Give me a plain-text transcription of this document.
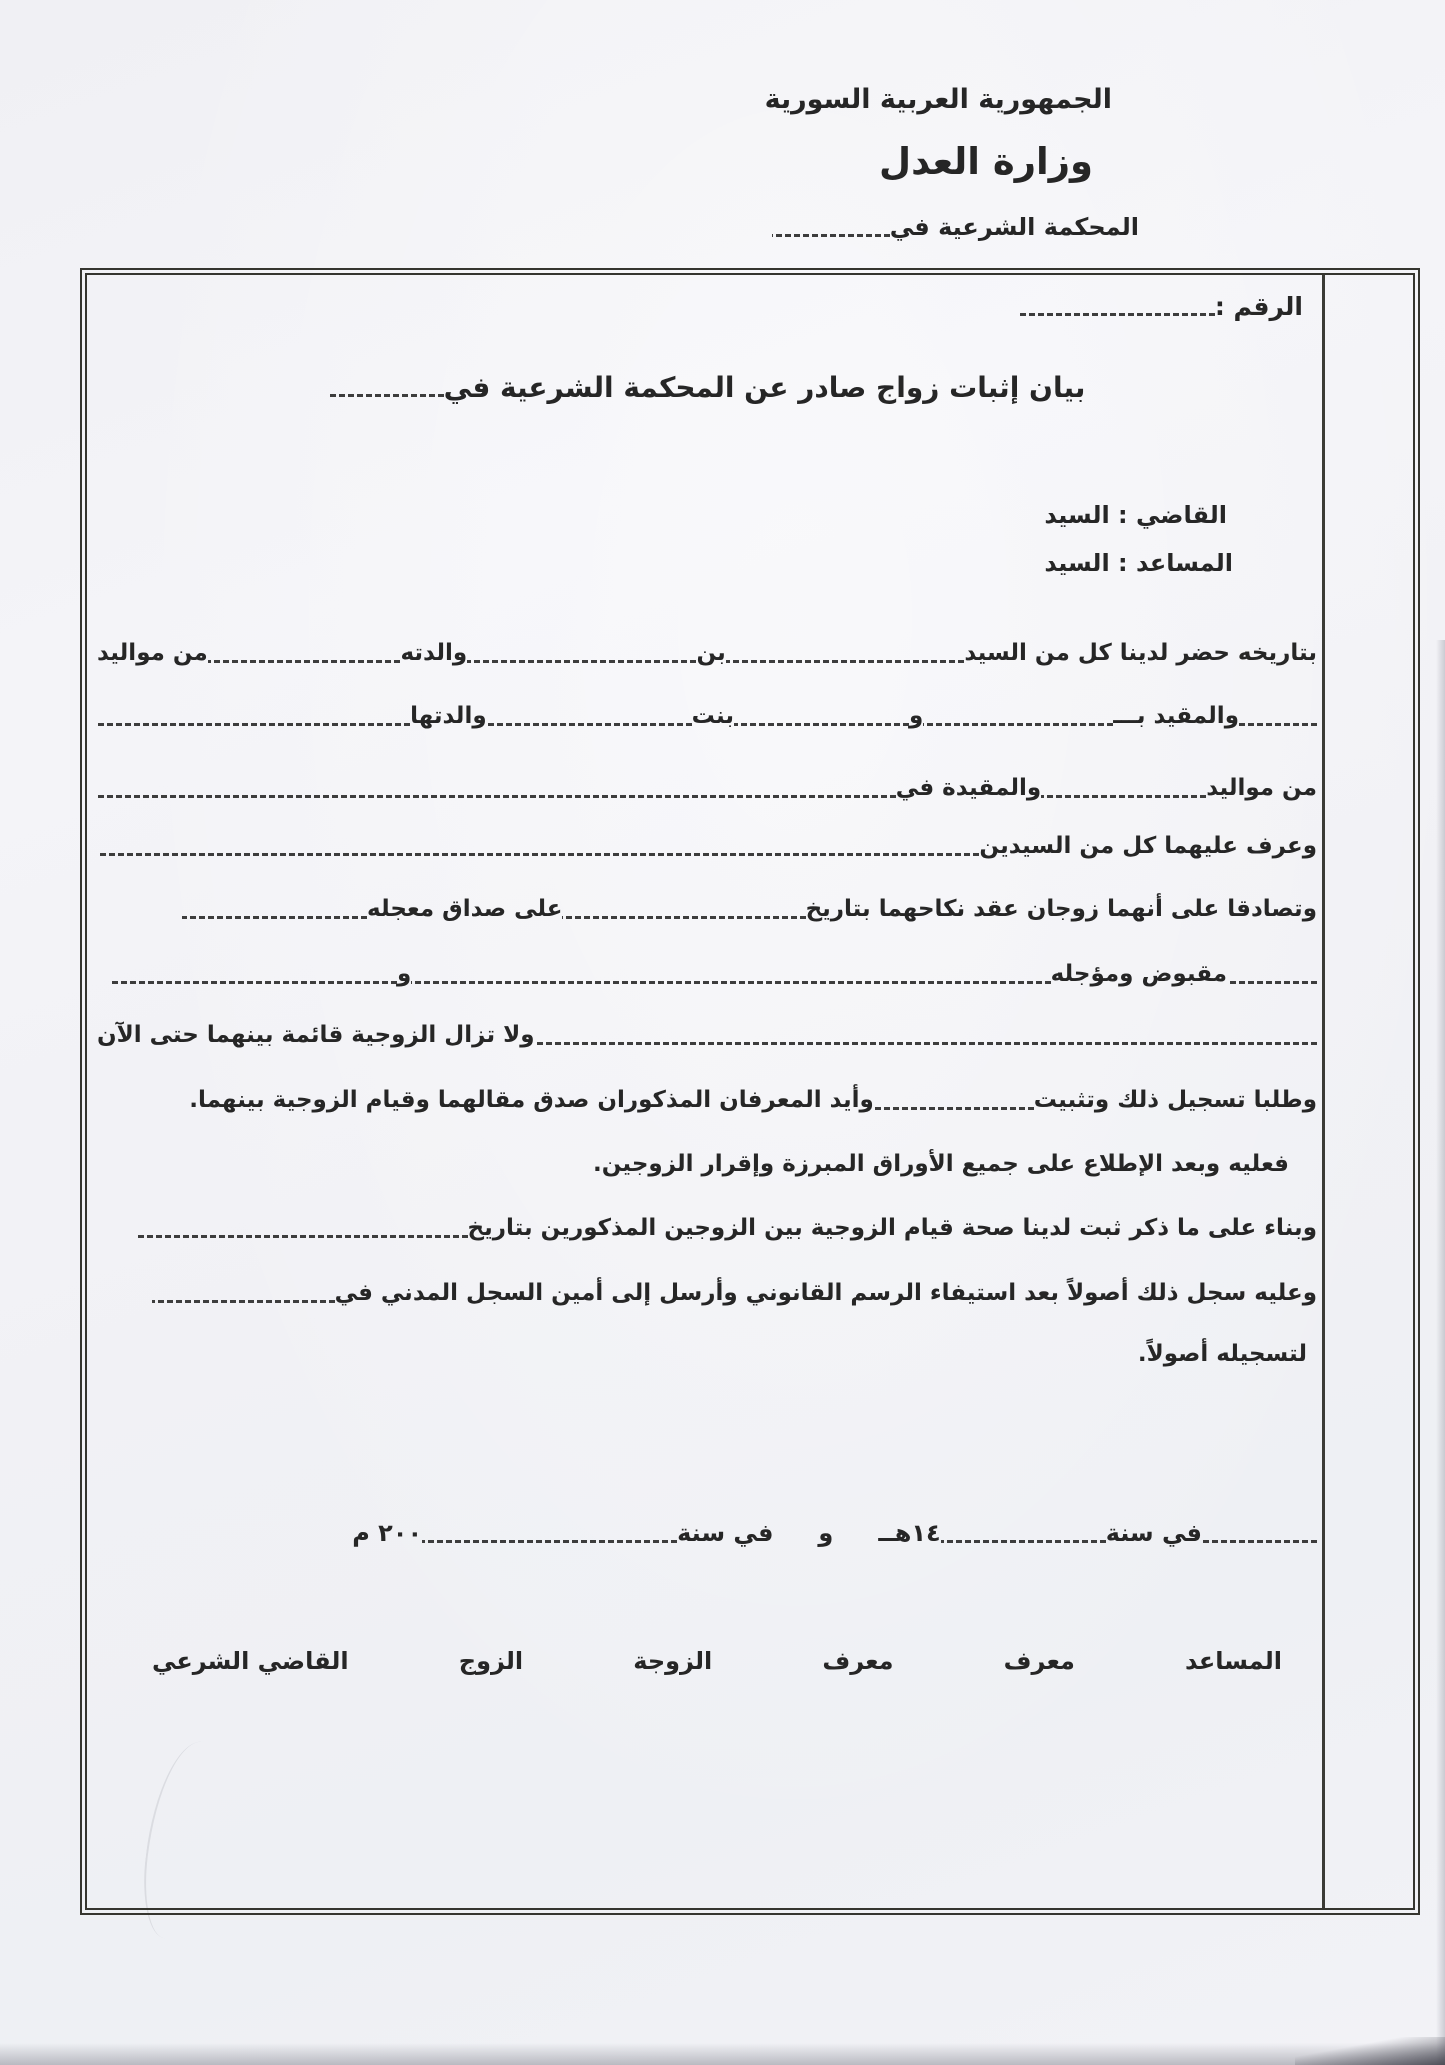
الجمهورية العربية السورية
وزارة العدل
المحكمة الشرعية في
الرقم :
بيان إثبات زواج صادر عن المحكمة الشرعية في
القاضي : السيد
المساعد : السيد
بتاريخه حضر لدينا كل من السيد
بن
والدته
من مواليد
والمقيد بـــ
و
بنت
والدتها
من مواليد
والمقيدة في
وعرف عليهما كل من السيدين
وتصادقا على أنهما زوجان عقد نكاحهما بتاريخ
على صداق معجله
مقبوض ومؤجله
و
ولا تزال الزوجية قائمة بينهما حتى الآن
وطلبا تسجيل ذلك وتثبيت
وأيد المعرفان المذكوران صدق مقالهما وقيام الزوجية بينهما.
فعليه وبعد الإطلاع على جميع الأوراق المبرزة وإقرار الزوجين.
وبناء على ما ذكر ثبت لدينا صحة قيام الزوجية بين الزوجين المذكورين بتاريخ
وعليه سجل ذلك أصولاً بعد استيفاء الرسم القانوني وأرسل إلى أمين السجل المدني في
لتسجيله أصولاً.
في سنة
١٤هــ
و
في سنة
٢٠٠ م
المساعد
معرف
معرف
الزوجة
الزوج
القاضي الشرعي
